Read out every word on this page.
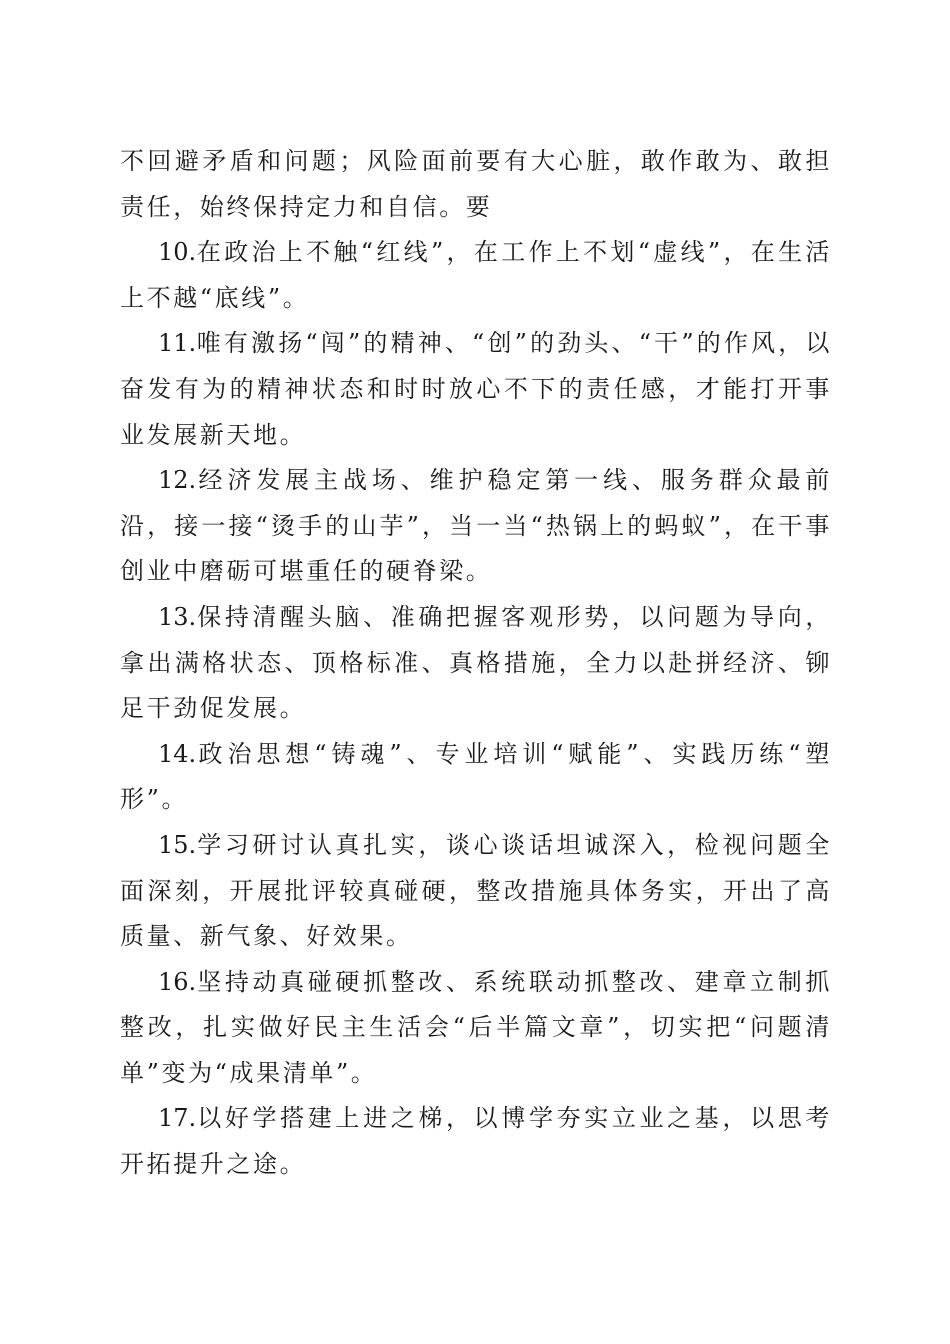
不回避矛盾和问题；风险面前要有大心脏，敢作敢为、敢担责任，始终保持定力和自信。要

10.在政治上不触“红线”，在工作上不划“虚线”，在生活上不越“底线”。

11.唯有激扬“闯”的精神、“创”的劲头、“干”的作风，以奋发有为的精神状态和时时放心不下的责任感，才能打开事业发展新天地。

12.经济发展主战场、维护稳定第一线、服务群众最前沿，接一接“烫手的山芋”，当一当“热锅上的蚂蚁”，在干事创业中磨砺可堪重任的硬脊梁。

13.保持清醒头脑、准确把握客观形势，以问题为导向，拿出满格状态、顶格标准、真格措施，全力以赴拼经济、铆足干劲促发展。

14.政治思想“铸魂”、专业培训“赋能”、实践历练“塑形”。

15.学习研讨认真扎实，谈心谈话坦诚深入，检视问题全面深刻，开展批评较真碰硬，整改措施具体务实，开出了高质量、新气象、好效果。

16.坚持动真碰硬抓整改、系统联动抓整改、建章立制抓整改，扎实做好民主生活会“后半篇文章”，切实把“问题清单”变为“成果清单”。

17.以好学搭建上进之梯，以博学夯实立业之基，以思考开拓提升之途。
